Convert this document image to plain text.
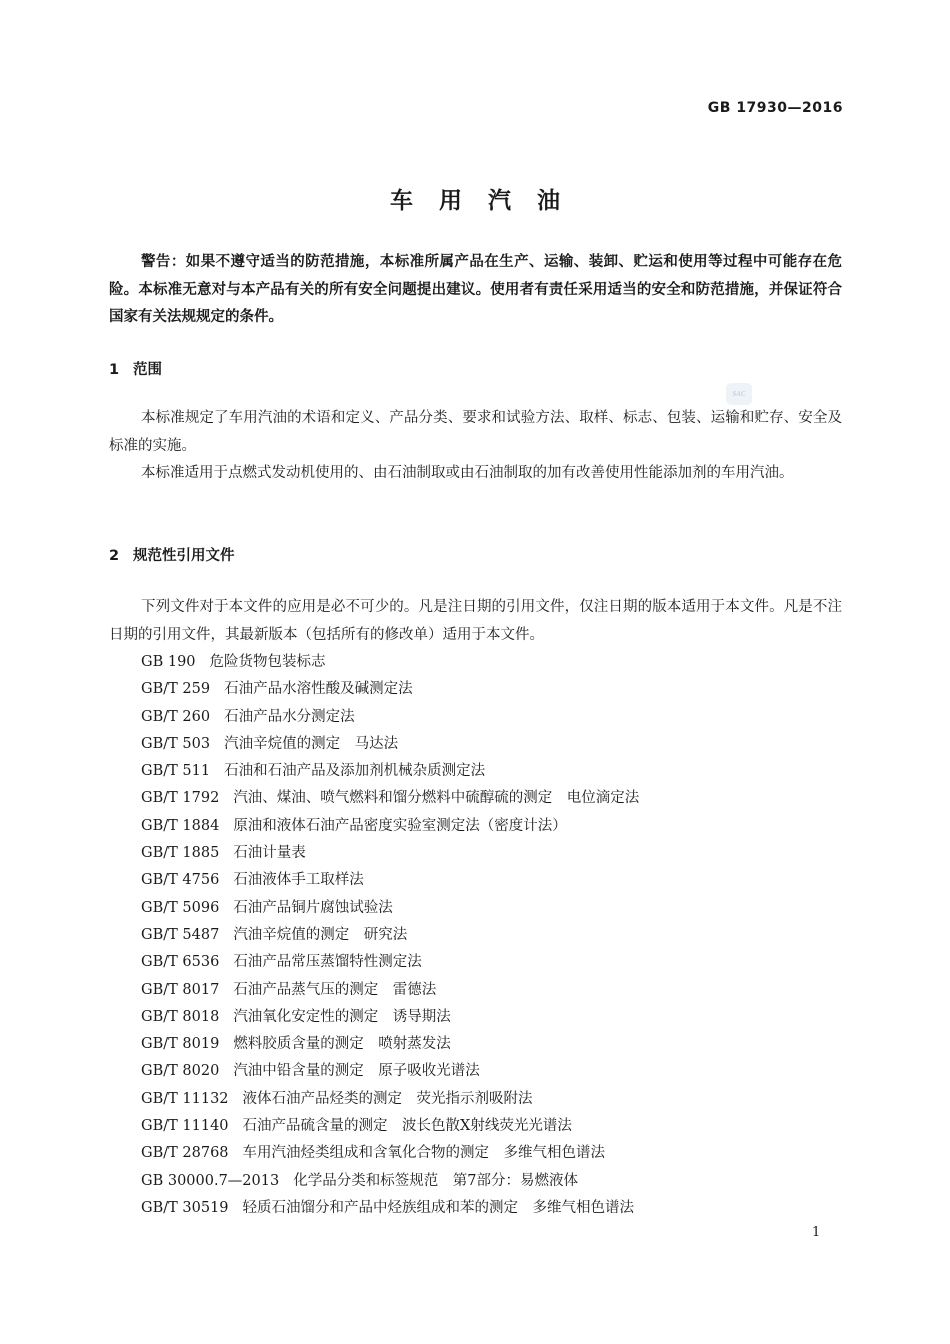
GB 17930—2016
车用汽油
警告：如果不遵守适当的防范措施，本标准所属产品在生产、运输、装卸、贮运和使用等过程中可能存在危险。本标准无意对与本产品有关的所有安全问题提出建议。使用者有责任采用适当的安全和防范措施，并保证符合国家有关法规规定的条件。
1 范围
SAC
本标准规定了车用汽油的术语和定义、产品分类、要求和试验方法、取样、标志、包装、运输和贮存、安全及标准的实施。
本标准适用于点燃式发动机使用的、由石油制取或由石油制取的加有改善使用性能添加剂的车用汽油。
2 规范性引用文件
下列文件对于本文件的应用是必不可少的。凡是注日期的引用文件，仅注日期的版本适用于本文件。凡是不注日期的引用文件，其最新版本（包括所有的修改单）适用于本文件。
GB 190 危险货物包装标志
GB/T 259 石油产品水溶性酸及碱测定法
GB/T 260 石油产品水分测定法
GB/T 503 汽油辛烷值的测定　马达法
GB/T 511 石油和石油产品及添加剂机械杂质测定法
GB/T 1792 汽油、煤油、喷气燃料和馏分燃料中硫醇硫的测定　电位滴定法
GB/T 1884 原油和液体石油产品密度实验室测定法（密度计法）
GB/T 1885 石油计量表
GB/T 4756 石油液体手工取样法
GB/T 5096 石油产品铜片腐蚀试验法
GB/T 5487 汽油辛烷值的测定　研究法
GB/T 6536 石油产品常压蒸馏特性测定法
GB/T 8017 石油产品蒸气压的测定　雷德法
GB/T 8018 汽油氧化安定性的测定　诱导期法
GB/T 8019 燃料胶质含量的测定　喷射蒸发法
GB/T 8020 汽油中铅含量的测定　原子吸收光谱法
GB/T 11132 液体石油产品烃类的测定　荧光指示剂吸附法
GB/T 11140 石油产品硫含量的测定　波长色散X射线荧光光谱法
GB/T 28768 车用汽油烃类组成和含氧化合物的测定　多维气相色谱法
GB 30000.7—2013 化学品分类和标签规范　第7部分：易燃液体
GB/T 30519 轻质石油馏分和产品中烃族组成和苯的测定　多维气相色谱法
1
